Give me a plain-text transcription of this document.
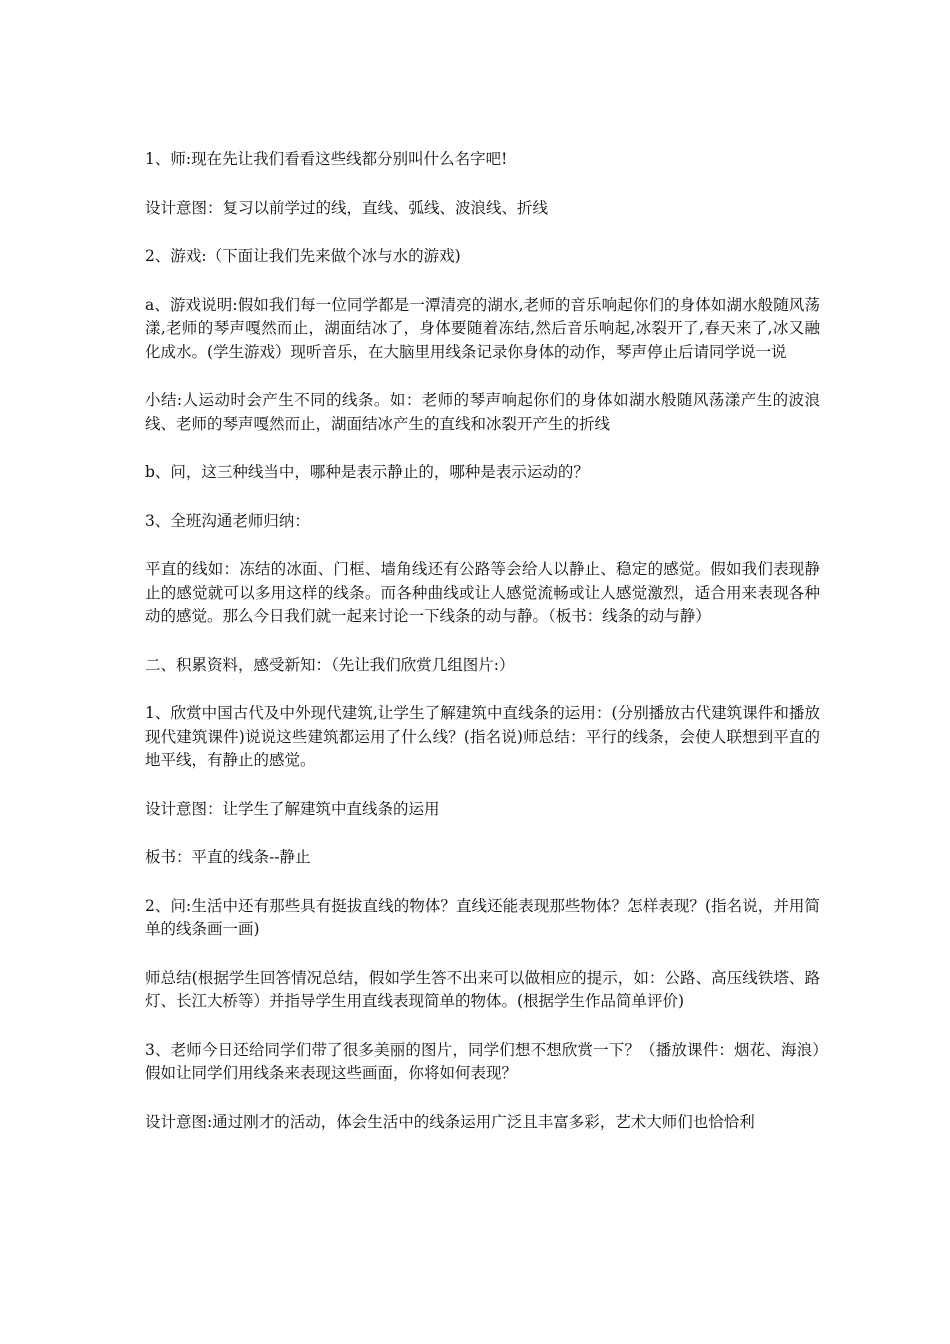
1、师:现在先让我们看看这些线都分别叫什么名字吧!

设计意图：复习以前学过的线，直线、弧线、波浪线、折线

2、游戏:（下面让我们先来做个冰与水的游戏)

a、游戏说明:假如我们每一位同学都是一潭清亮的湖水,老师的音乐响起你们的身体如湖水般随风荡漾,老师的琴声嘎然而止，湖面结冰了，身体要随着冻结,然后音乐响起,冰裂开了,春天来了,冰又融化成水。(学生游戏）现听音乐，在大脑里用线条记录你身体的动作，琴声停止后请同学说一说

小结:人运动时会产生不同的线条。如：老师的琴声响起你们的身体如湖水般随风荡漾产生的波浪线、老师的琴声嘎然而止，湖面结冰产生的直线和冰裂开产生的折线

b、问，这三种线当中，哪种是表示静止的，哪种是表示运动的？

3、全班沟通老师归纳：

平直的线如：冻结的冰面、门框、墙角线还有公路等会给人以静止、稳定的感觉。假如我们表现静止的感觉就可以多用这样的线条。而各种曲线或让人感觉流畅或让人感觉激烈，适合用来表现各种动的感觉。那么今日我们就一起来讨论一下线条的动与静。（板书：线条的动与静）

二、积累资料，感受新知：（先让我们欣赏几组图片:）

1、欣赏中国古代及中外现代建筑,让学生了解建筑中直线条的运用：(分别播放古代建筑课件和播放现代建筑课件)说说这些建筑都运用了什么线？(指名说)师总结：平行的线条，会使人联想到平直的地平线，有静止的感觉。

设计意图：让学生了解建筑中直线条的运用

板书：平直的线条--静止

2、问:生活中还有那些具有挺拔直线的物体？直线还能表现那些物体？怎样表现？(指名说，并用简单的线条画一画)

师总结(根据学生回答情况总结，假如学生答不出来可以做相应的提示，如：公路、高压线铁塔、路灯、长江大桥等）并指导学生用直线表现简单的物体。(根据学生作品简单评价)

3、老师今日还给同学们带了很多美丽的图片，同学们想不想欣赏一下？（播放课件：烟花、海浪）假如让同学们用线条来表现这些画面，你将如何表现？

设计意图:通过刚才的活动，体会生活中的线条运用广泛且丰富多彩，艺术大师们也恰恰利
